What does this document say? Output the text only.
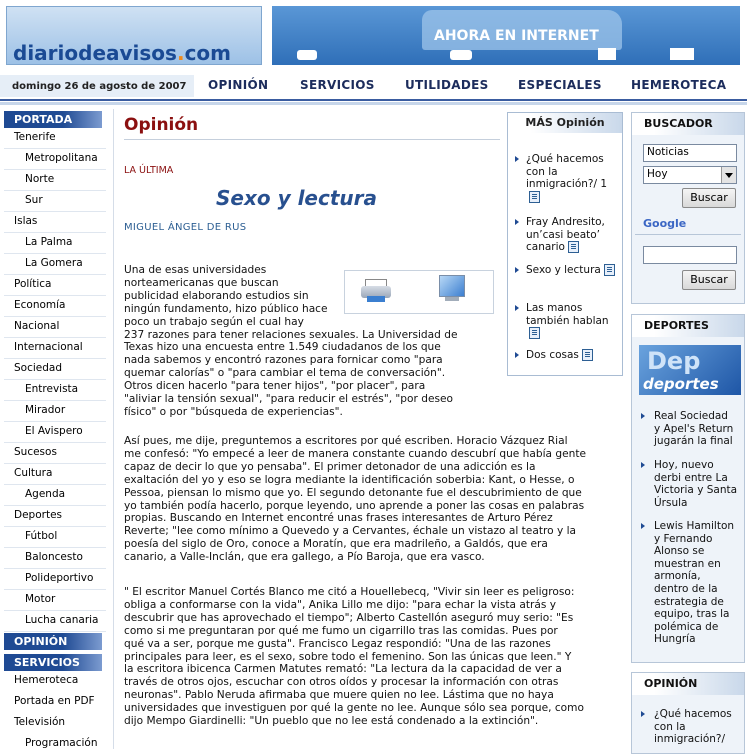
diariodeavisos.com
AHORA EN INTERNET
domingo 26 de agosto de 2007 OPINIÓN	SERVICIOS	UTILIDADES ESPECIALES HEMEROTECA
PORTADA
Tenerife
Metropolitana
Norte
Sur
Islas
La Palma
La Gomera
Política
Economía
Nacional
Internacional
Sociedad
Entrevista
Mirador
El Avispero
Sucesos
Cultura
Agenda
Deportes
Fútbol
Baloncesto
Polideportivo
Motor
Lucha canaria
OPINIÓN
SERVICIOS
Hemeroteca
Portada en PDF
Televisión
Programación
Opinión
LA ÚLTIMA
Sexo y lectura
MIGUEL ÁNGEL DE RUS
Una de esas universidades
norteamericanas que buscan
publicidad elaborando estudios sin
ningún fundamento, hizo público hace
poco un trabajo según el cual hay
237 razones para tener relaciones sexuales. La Universidad de
Texas hizo una encuesta entre 1.549 ciudadanos de los que
nada sabemos y encontró razones para fornicar como "para
quemar calorías" o "para cambiar el tema de conversación".
Otros dicen hacerlo "para tener hijos", "por placer", para
"aliviar la tensión sexual", "para reducir el estrés", "por deseo
físico" o por "búsqueda de experiencias".
Así pues, me dije, preguntemos a escritores por qué escriben. Horacio Vázquez Rial
me confesó: "Yo empecé a leer de manera constante cuando descubrí que había gente
capaz de decir lo que yo pensaba". El primer detonador de una adicción es la
exaltación del yo y eso se logra mediante la identificación soberbia: Kant, o Hesse, o
Pessoa, piensan lo mismo que yo. El segundo detonante fue el descubrimiento de que
yo también podía hacerlo, porque leyendo, uno aprende a poner las cosas en palabras
propias. Buscando en Internet encontré unas frases interesantes de Arturo Pérez
Reverte; "lee como mínimo a Quevedo y a Cervantes, échale un vistazo al teatro y la
poesía del siglo de Oro, conoce a Moratín, que era madrileño, a Galdós, que era
canario, a Valle-Inclán, que era gallego, a Pío Baroja, que era vasco.
" El escritor Manuel Cortés Blanco me citó a Houellebecq, "Vivir sin leer es peligroso:
obliga a conformarse con la vida", Anika Lillo me dijo: "para echar la vista atrás y
descubrir que has aprovechado el tiempo"; Alberto Castellón aseguró muy serio: "Es
como si me preguntaran por qué me fumo un cigarrillo tras las comidas. Pues por
qué va a ser, porque me gusta". Francisco Legaz respondió: "Una de las razones
principales para leer, es el sexo, sobre todo el femenino. Son las únicas que leen." Y
la escritora ibicenca Carmen Matutes remató: "La lectura da la capacidad de ver a
través de otros ojos, escuchar con otros oídos y procesar la información con otras
neuronas". Pablo Neruda afirmaba que muere quien no lee. Lástima que no haya
universidades que investiguen por qué la gente no lee. Aunque sólo sea porque, como
dijo Mempo Giardinelli: "Un pueblo que no lee está condenado a la extinción".
MÁS Opinión
¿Qué hacemos
con la
inmigración?/ 1
Fray Andresito,
un’casi beato’
canario
Sexo y lectura
Las manos
también hablan
Dos cosas
BUSCADOR
Noticias
Hoy
Buscar
Google
Buscar
DEPORTES
Dep
deportes
Real Sociedad
y Apel's Return
jugarán la final
Hoy, nuevo
derbi entre La
Victoria y Santa
Úrsula
Lewis Hamilton
y Fernando
Alonso se
muestran en
armonía,
dentro de la
estrategia de
equipo, tras la
polémica de
Hungría
OPINIÓN
¿Qué hacemos
con la
inmigración?/
